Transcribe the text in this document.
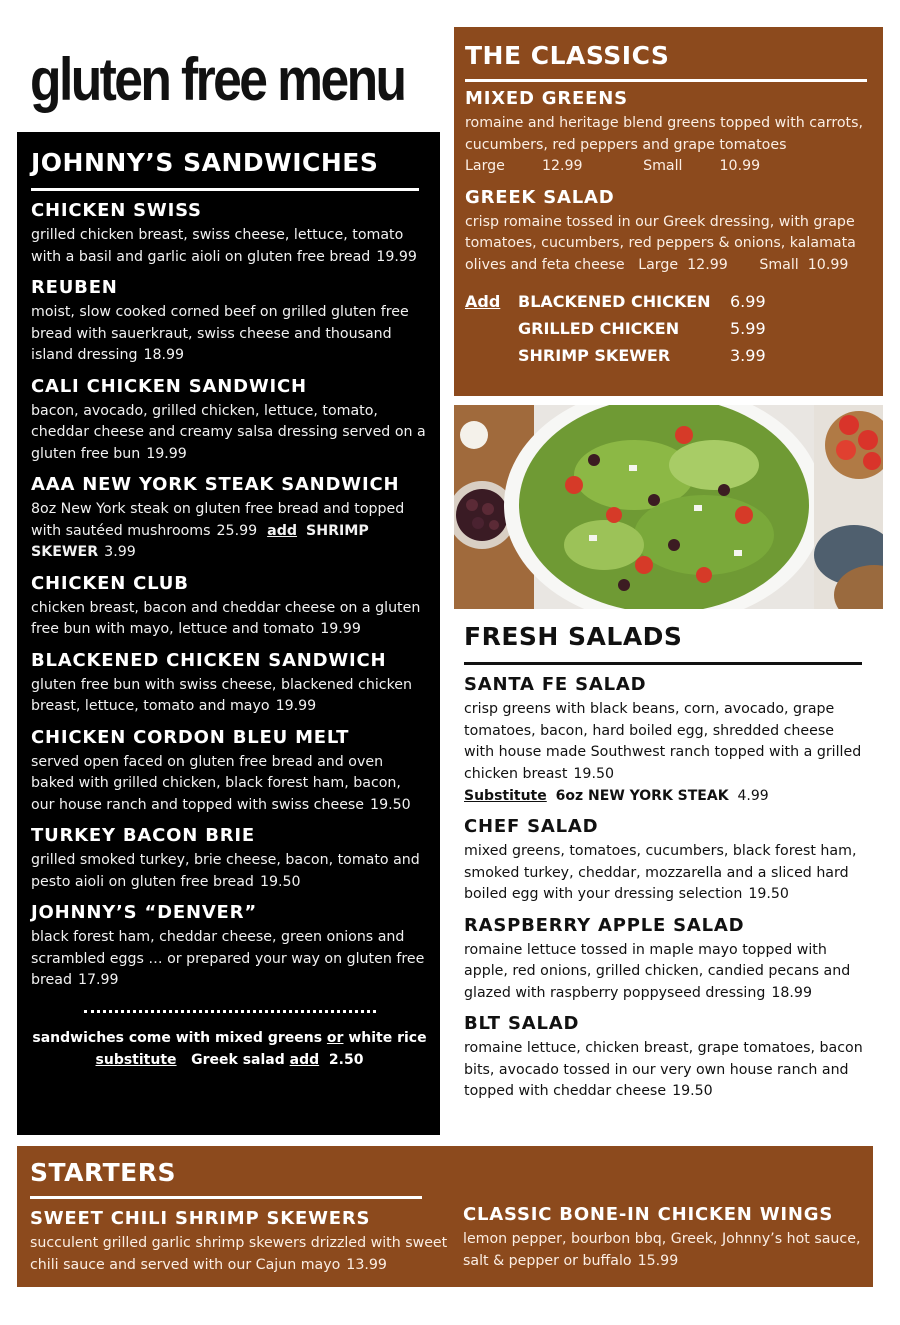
gluten free menu
JOHNNY’S SANDWICHES
CHICKEN SWISS
grilled chicken breast, swiss cheese, lettuce, tomato with a basil and garlic aioli on gluten free bread 19.99
REUBEN
moist, slow cooked corned beef on grilled gluten free bread with sauerkraut, swiss cheese and thousand island dressing 18.99
CALI CHICKEN SANDWICH
bacon, avocado, grilled chicken, lettuce, tomato, cheddar cheese and creamy salsa dressing served on a gluten free bun 19.99
AAA NEW YORK STEAK SANDWICH
8oz New York steak on gluten free bread and topped with sautéed mushrooms 25.99 add SHRIMP SKEWER 3.99
CHICKEN CLUB
chicken breast, bacon and cheddar cheese on a gluten free bun with mayo, lettuce and tomato 19.99
BLACKENED CHICKEN SANDWICH
gluten free bun with swiss cheese, blackened chicken breast, lettuce, tomato and mayo 19.99
CHICKEN CORDON BLEU MELT
served open faced on gluten free bread and oven baked with grilled chicken, black forest ham, bacon, our house ranch and topped with swiss cheese 19.50
TURKEY BACON BRIE
grilled smoked turkey, brie cheese, bacon, tomato and pesto aioli on gluten free bread 19.50
JOHNNY’S “DENVER”
black forest ham, cheddar cheese, green onions and scrambled eggs … or prepared your way on gluten free bread 17.99
sandwiches come with mixed greens or white rice
substitute Greek salad add 2.50
THE CLASSICS
MIXED GREENS
romaine and heritage blend greens topped with carrots, cucumbers, red peppers and grape tomatoes
Large	12.99	Small	10.99
GREEK SALAD
crisp romaine tossed in our Greek dressing, with grape tomatoes, cucumbers, red peppers & onions, kalamata olives and feta cheese Large 12.99 Small 10.99
Add	BLACKENED CHICKEN	6.99
GRILLED CHICKEN	5.99
SHRIMP SKEWER	3.99
FRESH SALADS
SANTA FE SALAD
crisp greens with black beans, corn, avocado, grape tomatoes, bacon, hard boiled egg, shredded cheese with house made Southwest ranch topped with a grilled chicken breast 19.50
Substitute 6oz NEW YORK STEAK 4.99
CHEF SALAD
mixed greens, tomatoes, cucumbers, black forest ham, smoked turkey, cheddar, mozzarella and a sliced hard boiled egg with your dressing selection 19.50
RASPBERRY APPLE SALAD
romaine lettuce tossed in maple mayo topped with apple, red onions, grilled chicken, candied pecans and glazed with raspberry poppyseed dressing 18.99
BLT SALAD
romaine lettuce, chicken breast, grape tomatoes, bacon bits, avocado tossed in our very own house ranch and topped with cheddar cheese 19.50
STARTERS
SWEET CHILI SHRIMP SKEWERS
succulent grilled garlic shrimp skewers drizzled with sweet chili sauce and served with our Cajun mayo 13.99
CLASSIC BONE-IN CHICKEN WINGS
lemon pepper, bourbon bbq, Greek, Johnny’s hot sauce, salt & pepper or buffalo 15.99
